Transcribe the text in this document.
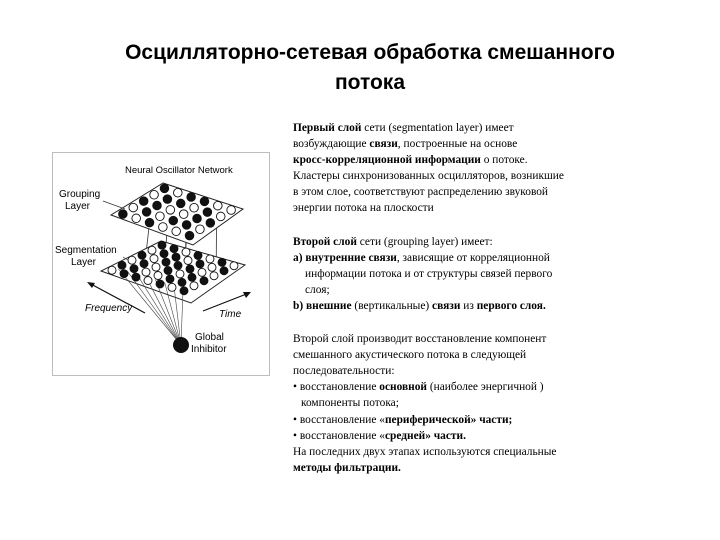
Осцилляторно-сетевая обработка смешанного
потока
Neural Oscillator Network
Grouping
Layer
Segmentation
Layer
Frequency
Time
Global
Inhibitor
Первый слой сети (segmentation layer) имеет
возбуждающие связи, построенные на основе
кросс-корреляционной информации о потоке.
Кластеры синхронизованных осцилляторов, возникшие
в этом слое, соответствуют распределению звуковой
энергии потока на плоскости
Второй слой сети (grouping layer) имеет:
a) внутренние связи, зависящие от корреляционной
информации потока и от структуры связей первого
слоя;
b) внешние (вертикальные) связи из первого слоя.
Второй слой производит восстановление компонент
смешанного акустического потока в следующей
последовательности:
• восстановление основной (наиболее энергичной )
компоненты потока;
• восстановление «периферической» части;
• восстановление «средней» части.
На последних двух этапах используются специальные
методы фильтрации.
